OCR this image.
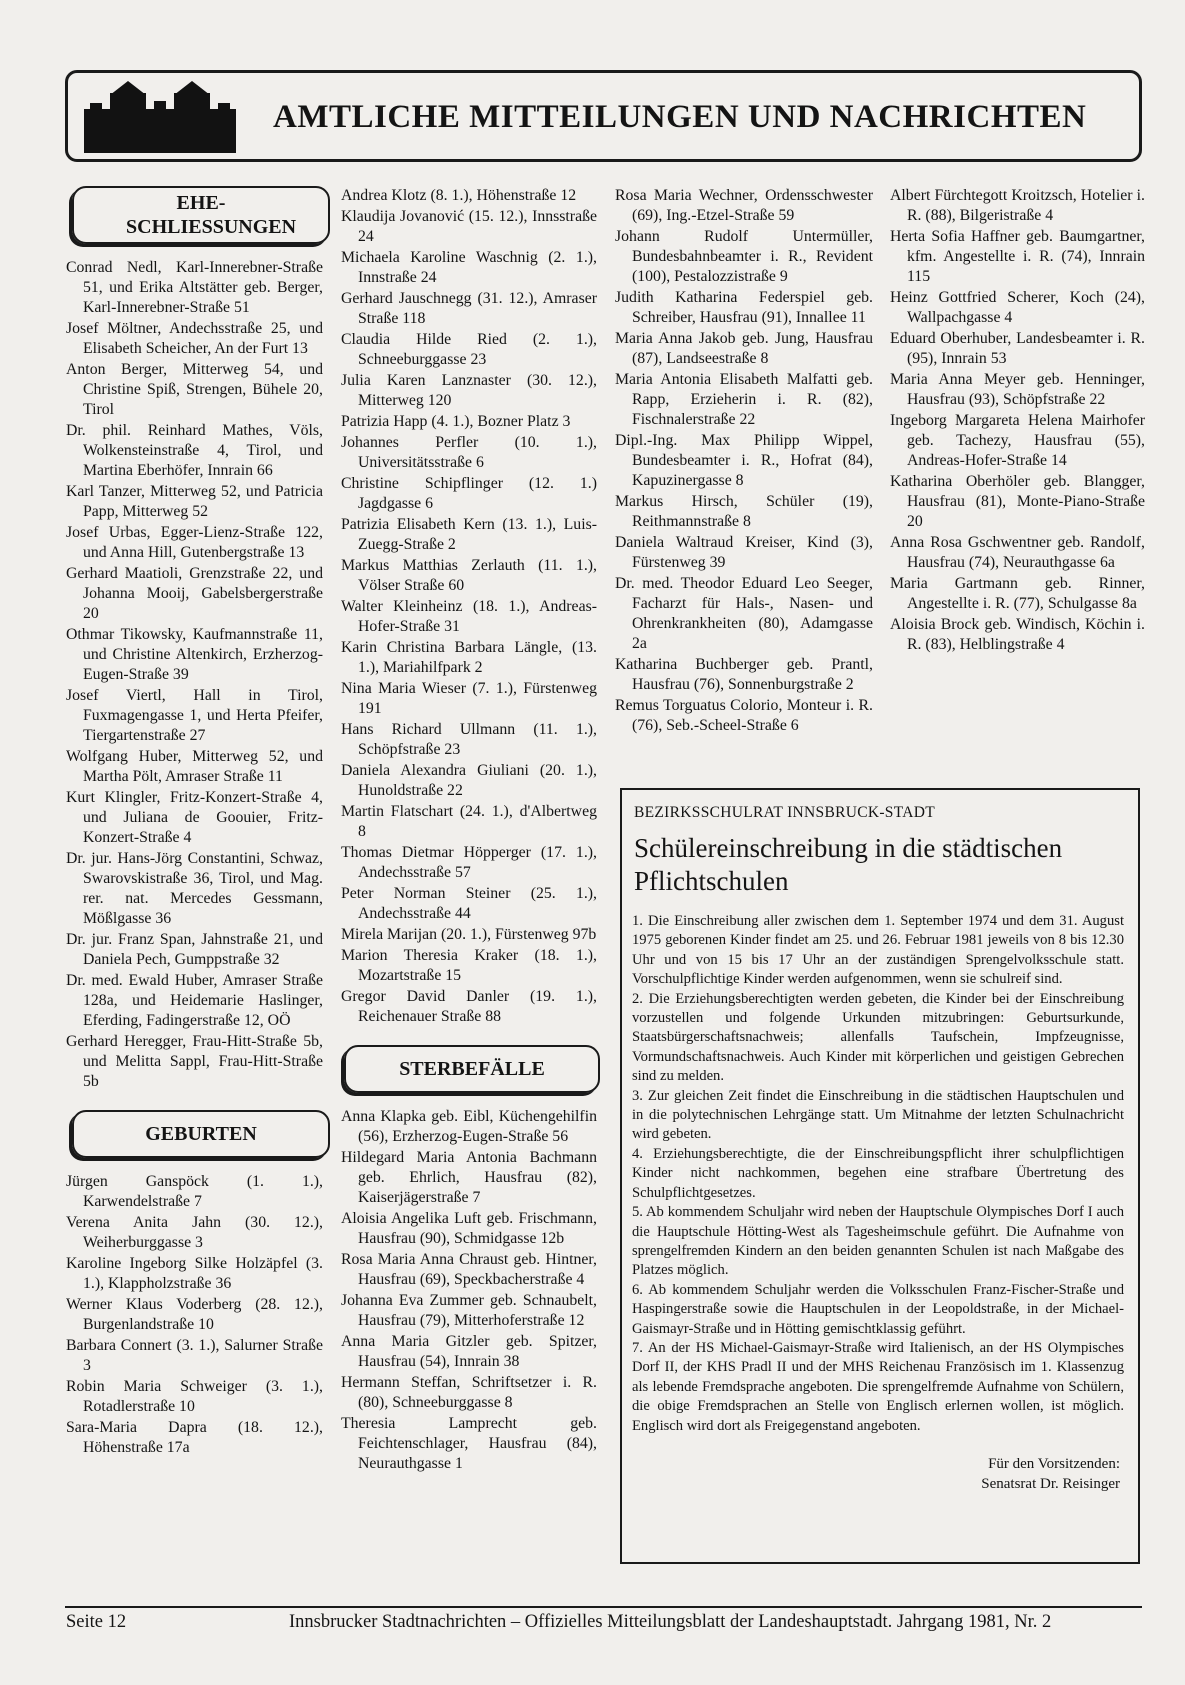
AMTLICHE MITTEILUNGEN UND NACHRICHTEN
EHE-SCHLIESSUNGEN
Conrad Nedl, Karl-Innerebner-Straße 51, und Erika Altstätter geb. Berger, Karl-Innerebner-Straße 51
Josef Möltner, Andechsstraße 25, und Elisabeth Scheicher, An der Furt 13
Anton Berger, Mitterweg 54, und Christine Spiß, Strengen, Bühele 20, Tirol
Dr. phil. Reinhard Mathes, Völs, Wolkensteinstraße 4, Tirol, und Martina Eberhöfer, Innrain 66
Karl Tanzer, Mitterweg 52, und Patricia Papp, Mitterweg 52
Josef Urbas, Egger-Lienz-Straße 122, und Anna Hill, Gutenbergstraße 13
Gerhard Maatioli, Grenzstraße 22, und Johanna Mooij, Gabelsbergerstraße 20
Othmar Tikowsky, Kaufmannstraße 11, und Christine Altenkirch, Erzherzog-Eugen-Straße 39
Josef Viertl, Hall in Tirol, Fuxmagengasse 1, und Herta Pfeifer, Tiergartenstraße 27
Wolfgang Huber, Mitterweg 52, und Martha Pölt, Amraser Straße 11
Kurt Klingler, Fritz-Konzert-Straße 4, und Juliana de Goouier, Fritz-Konzert-Straße 4
Dr. jur. Hans-Jörg Constantini, Schwaz, Swarovskistraße 36, Tirol, und Mag. rer. nat. Mercedes Gessmann, Mößlgasse 36
Dr. jur. Franz Span, Jahnstraße 21, und Daniela Pech, Gumppstraße 32
Dr. med. Ewald Huber, Amraser Straße 128a, und Heidemarie Haslinger, Eferding, Fadingerstraße 12, OÖ
Gerhard Heregger, Frau-Hitt-Straße 5b, und Melitta Sappl, Frau-Hitt-Straße 5b
GEBURTEN
Jürgen Ganspöck (1. 1.), Karwendelstraße 7
Verena Anita Jahn (30. 12.), Weiherburggasse 3
Karoline Ingeborg Silke Holzäpfel (3. 1.), Klappholzstraße 36
Werner Klaus Voderberg (28. 12.), Burgenlandstraße 10
Barbara Connert (3. 1.), Salurner Straße 3
Robin Maria Schweiger (3. 1.), Rotadlerstraße 10
Sara-Maria Dapra (18. 12.), Höhenstraße 17a
Andrea Klotz (8. 1.), Höhenstraße 12
Klaudija Jovanović (15. 12.), Innsstraße 24
Michaela Karoline Waschnig (2. 1.), Innstraße 24
Gerhard Jauschnegg (31. 12.), Amraser Straße 118
Claudia Hilde Ried (2. 1.), Schneeburggasse 23
Julia Karen Lanznaster (30. 12.), Mitterweg 120
Patrizia Happ (4. 1.), Bozner Platz 3
Johannes Perfler (10. 1.), Universitätsstraße 6
Christine Schipflinger (12. 1.) Jagdgasse 6
Patrizia Elisabeth Kern (13. 1.), Luis-Zuegg-Straße 2
Markus Matthias Zerlauth (11. 1.), Völser Straße 60
Walter Kleinheinz (18. 1.), Andreas-Hofer-Straße 31
Karin Christina Barbara Längle, (13. 1.), Mariahilfpark 2
Nina Maria Wieser (7. 1.), Fürstenweg 191
Hans Richard Ullmann (11. 1.), Schöpfstraße 23
Daniela Alexandra Giuliani (20. 1.), Hunoldstraße 22
Martin Flatschart (24. 1.), d'Albertweg 8
Thomas Dietmar Höpperger (17. 1.), Andechsstraße 57
Peter Norman Steiner (25. 1.), Andechsstraße 44
Mirela Marijan (20. 1.), Fürstenweg 97b
Marion Theresia Kraker (18. 1.), Mozartstraße 15
Gregor David Danler (19. 1.), Reichenauer Straße 88
STERBEFÄLLE
Anna Klapka geb. Eibl, Küchengehilfin (56), Erzherzog-Eugen-Straße 56
Hildegard Maria Antonia Bachmann geb. Ehrlich, Hausfrau (82), Kaiserjägerstraße 7
Aloisia Angelika Luft geb. Frischmann, Hausfrau (90), Schmidgasse 12b
Rosa Maria Anna Chraust geb. Hintner, Hausfrau (69), Speckbacherstraße 4
Johanna Eva Zummer geb. Schnaubelt, Hausfrau (79), Mitterhoferstraße 12
Anna Maria Gitzler geb. Spitzer, Hausfrau (54), Innrain 38
Hermann Steffan, Schriftsetzer i. R. (80), Schneeburggasse 8
Theresia Lamprecht geb. Feichtenschlager, Hausfrau (84), Neurauthgasse 1
Rosa Maria Wechner, Ordensschwester (69), Ing.-Etzel-Straße 59
Johann Rudolf Untermüller, Bundesbahnbeamter i. R., Revident (100), Pestalozzistraße 9
Judith Katharina Federspiel geb. Schreiber, Hausfrau (91), Innallee 11
Maria Anna Jakob geb. Jung, Hausfrau (87), Landseestraße 8
Maria Antonia Elisabeth Malfatti geb. Rapp, Erzieherin i. R. (82), Fischnalerstraße 22
Dipl.-Ing. Max Philipp Wippel, Bundesbeamter i. R., Hofrat (84), Kapuzinergasse 8
Markus Hirsch, Schüler (19), Reithmannstraße 8
Daniela Waltraud Kreiser, Kind (3), Fürstenweg 39
Dr. med. Theodor Eduard Leo Seeger, Facharzt für Hals-, Nasen- und Ohrenkrankheiten (80), Adamgasse 2a
Katharina Buchberger geb. Prantl, Hausfrau (76), Sonnenburgstraße 2
Remus Torguatus Colorio, Monteur i. R. (76), Seb.-Scheel-Straße 6
Albert Fürchtegott Kroitzsch, Hotelier i. R. (88), Bilgeristraße 4
Herta Sofia Haffner geb. Baumgartner, kfm. Angestellte i. R. (74), Innrain 115
Heinz Gottfried Scherer, Koch (24), Wallpachgasse 4
Eduard Oberhuber, Landesbeamter i. R. (95), Innrain 53
Maria Anna Meyer geb. Henninger, Hausfrau (93), Schöpfstraße 22
Ingeborg Margareta Helena Mairhofer geb. Tachezy, Hausfrau (55), Andreas-Hofer-Straße 14
Katharina Oberhöler geb. Blangger, Hausfrau (81), Monte-Piano-Straße 20
Anna Rosa Gschwentner geb. Randolf, Hausfrau (74), Neurauthgasse 6a
Maria Gartmann geb. Rinner, Angestellte i. R. (77), Schulgasse 8a
Aloisia Brock geb. Windisch, Köchin i. R. (83), Helblingstraße 4
BEZIRKSSCHULRAT INNSBRUCK-STADT
Schülereinschreibung in die städtischen Pflichtschulen
1. Die Einschreibung aller zwischen dem 1. September 1974 und dem 31. August 1975 geborenen Kinder findet am 25. und 26. Februar 1981 jeweils von 8 bis 12.30 Uhr und von 15 bis 17 Uhr an der zuständigen Sprengelvolksschule statt. Vorschulpflichtige Kinder werden aufgenommen, wenn sie schulreif sind.
2. Die Erziehungsberechtigten werden gebeten, die Kinder bei der Einschreibung vorzustellen und folgende Urkunden mitzubringen: Geburtsurkunde, Staatsbürgerschaftsnachweis; allenfalls Taufschein, Impfzeugnisse, Vormundschaftsnachweis. Auch Kinder mit körperlichen und geistigen Gebrechen sind zu melden.
3. Zur gleichen Zeit findet die Einschreibung in die städtischen Hauptschulen und in die polytechnischen Lehrgänge statt. Um Mitnahme der letzten Schulnachricht wird gebeten.
4. Erziehungsberechtigte, die der Einschreibungspflicht ihrer schulpflichtigen Kinder nicht nachkommen, begehen eine strafbare Übertretung des Schulpflichtgesetzes.
5. Ab kommendem Schuljahr wird neben der Hauptschule Olympisches Dorf I auch die Hauptschule Hötting-West als Tagesheimschule geführt. Die Aufnahme von sprengelfremden Kindern an den beiden genannten Schulen ist nach Maßgabe des Platzes möglich.
6. Ab kommendem Schuljahr werden die Volksschulen Franz-Fischer-Straße und Haspingerstraße sowie die Hauptschulen in der Leopoldstraße, in der Michael-Gaismayr-Straße und in Hötting gemischtklassig geführt.
7. An der HS Michael-Gaismayr-Straße wird Italienisch, an der HS Olympisches Dorf II, der KHS Pradl II und der MHS Reichenau Französisch im 1. Klassenzug als lebende Fremdsprache angeboten. Die sprengelfremde Aufnahme von Schülern, die obige Fremdsprachen an Stelle von Englisch erlernen wollen, ist möglich. Englisch wird dort als Freigegenstand angeboten.
Für den Vorsitzenden:
Senatsrat Dr. Reisinger
Seite 12	Innsbrucker Stadtnachrichten – Offizielles Mitteilungsblatt der Landeshauptstadt. Jahrgang 1981, Nr. 2
